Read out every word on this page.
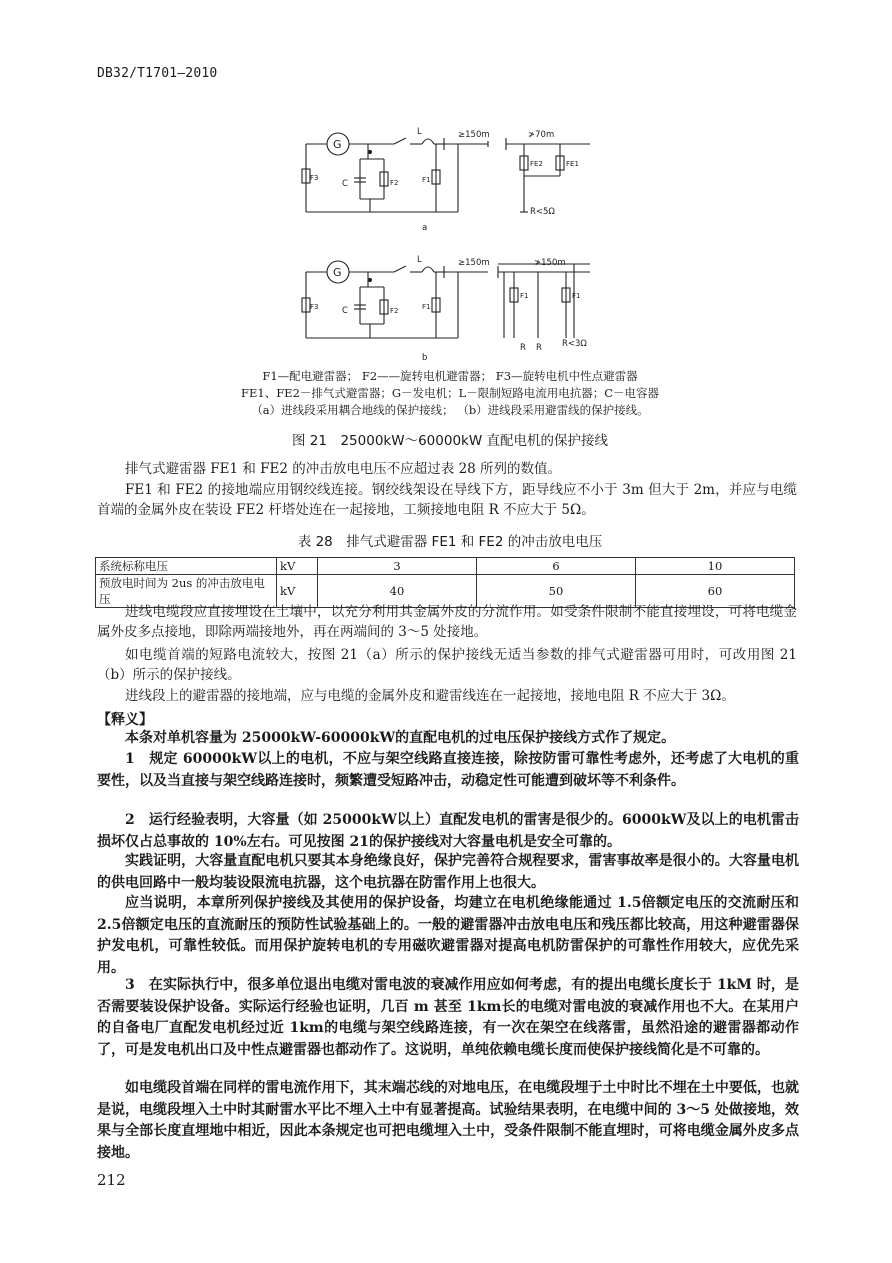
DB32/T1701—2010
G
L	≥150m	≯70m
F3
C	F2	F1
FE2	FE1
R<5Ω
a
G
L	≥150m	≯150m
F3	C	F2	F1
F1	F1
R R R<3Ω
b
F1—配电避雷器； F2——旋转电机避雷器； F3—旋转电机中性点避雷器
FE1、FE2－排气式避雷器；G－发电机；L－限制短路电流用电抗器；C－电容器
（a）进线段采用耦合地线的保护接线； （b）进线段采用避雷线的保护接线。
图 21　25000kW～60000kW 直配电机的保护接线
排气式避雷器 FE1 和 FE2 的冲击放电电压不应超过表 28 所列的数值。
FE1 和 FE2 的接地端应用钢绞线连接。钢绞线架设在导线下方，距导线应不小于 3m 但大于 2m，并应与电缆首端的金属外皮在装设 FE2 杆塔处连在一起接地，工频接地电阻 R 不应大于 5Ω。
表 28　排气式避雷器 FE1 和 FE2 的冲击放电电压
系统标称电压	kV	3	6	10
预放电时间为 2us 的冲击放电电压	kV	40	50	60
进线电缆段应直接埋设在土壤中，以充分利用其金属外皮的分流作用。如受条件限制不能直接埋设，可将电缆金属外皮多点接地，即除两端接地外，再在两端间的 3～5 处接地。
如电缆首端的短路电流较大，按图 21（a）所示的保护接线无适当参数的排气式避雷器可用时，可改用图 21（b）所示的保护接线。
进线段上的避雷器的接地端，应与电缆的金属外皮和避雷线连在一起接地，接地电阻 R 不应大于 3Ω。
【释义】
本条对单机容量为 25000kW-60000kW的直配电机的过电压保护接线方式作了规定。
1　规定 60000kW以上的电机，不应与架空线路直接连接，除按防雷可靠性考虑外，还考虑了大电机的重要性，以及当直接与架空线路连接时，频繁遭受短路冲击，动稳定性可能遭到破坏等不利条件。
2　运行经验表明，大容量（如 25000kW以上）直配发电机的雷害是很少的。6000kW及以上的电机雷击损坏仅占总事故的 10%左右。可见按图 21的保护接线对大容量电机是安全可靠的。
实践证明，大容量直配电机只要其本身绝缘良好，保护完善符合规程要求，雷害事故率是很小的。大容量电机的供电回路中一般均装设限流电抗器，这个电抗器在防雷作用上也很大。
应当说明，本章所列保护接线及其使用的保护设备，均建立在电机绝缘能通过 1.5倍额定电压的交流耐压和 2.5倍额定电压的直流耐压的预防性试验基础上的。一般的避雷器冲击放电电压和残压都比较高，用这种避雷器保护发电机，可靠性较低。而用保护旋转电机的专用磁吹避雷器对提高电机防雷保护的可靠性作用较大，应优先采用。
3　在实际执行中，很多单位退出电缆对雷电波的衰减作用应如何考虑，有的提出电缆长度长于 1kM 时，是否需要装设保护设备。实际运行经验也证明，几百 m 甚至 1km长的电缆对雷电波的衰减作用也不大。在某用户的自备电厂直配发电机经过近 1km的电缆与架空线路连接，有一次在架空在线落雷，虽然沿途的避雷器都动作了，可是发电机出口及中性点避雷器也都动作了。这说明，单纯依赖电缆长度而使保护接线简化是不可靠的。
如电缆段首端在同样的雷电流作用下，其末端芯线的对地电压，在电缆段埋于土中时比不埋在土中要低，也就是说，电缆段埋入土中时其耐雷水平比不埋入土中有显著提高。试验结果表明，在电缆中间的 3～5 处做接地，效果与全部长度直埋地中相近，因此本条规定也可把电缆埋入土中，受条件限制不能直埋时，可将电缆金属外皮多点接地。
212
